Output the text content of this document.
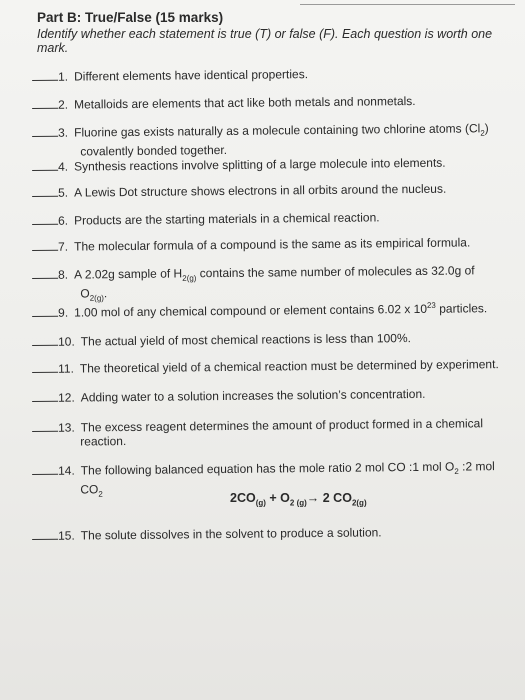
Part B: True/False (15 marks)
Identify whether each statement is true (T) or false (F). Each question is worth one mark.
1. Different elements have identical properties.
2. Metalloids are elements that act like both metals and nonmetals.
3. Fluorine gas exists naturally as a molecule containing two chlorine atoms $(Cl_2)$
covalently bonded together.
4. Synthesis reactions involve splitting of a large molecule into elements.
5. A Lewis Dot structure shows electrons in all orbits around the nucleus.
6. Products are the starting materials in a chemical reaction.
7. The molecular formula of a compound is the same as its empirical formula.
8. A 2.02g sample of $H_{2(g)}$ contains the same number of molecules as 32.0g of
$O_{2(g)}$.
9. 1.00 mol of any chemical compound or element contains 6.02 x $10^{23}$ particles.
10. The actual yield of most chemical reactions is less than 100%.
11. The theoretical yield of a chemical reaction must be determined by experiment.
12. Adding water to a solution increases the solution’s concentration.
13. The excess reagent determines the amount of product formed in a chemical
reaction.
14. The following balanced equation has the mole ratio 2 mol CO :1 mol $O_2$ :2 mol
$CO_2$	$2CO_{(g)} + O_{2 (g)}\to 2$ $CO_{2(g)}$
15. The solute dissolves in the solvent to produce a solution.
